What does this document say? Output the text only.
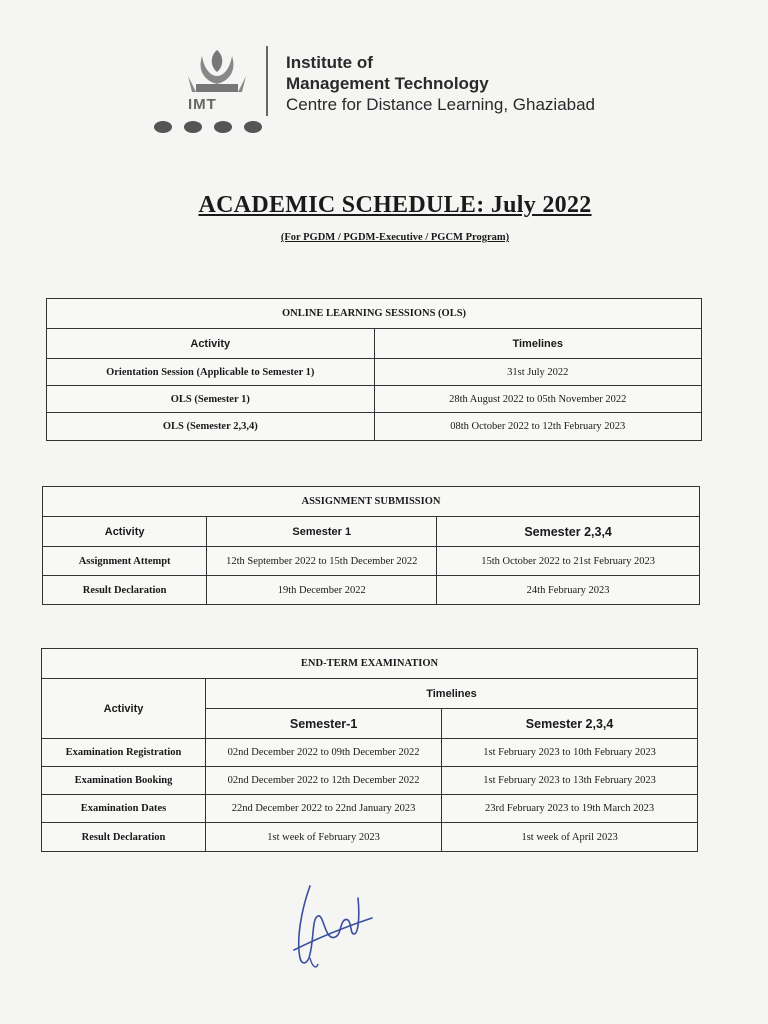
IMT
Institute of
Management Technology
Centre for Distance Learning, Ghaziabad
ACADEMIC SCHEDULE: July 2022
(For PGDM / PGDM-Executive / PGCM Program)
ONLINE LEARNING SESSIONS (OLS)	
Activity	Timelines
Orientation Session (Applicable to Semester 1)	31st July 2022
OLS (Semester 1)	28th August 2022 to 05th November 2022
OLS (Semester 2,3,4)	08th October 2022 to 12th February 2023
ASSIGNMENT SUBMISSION		
Activity	Semester 1	Semester 2,3,4
Assignment Attempt	12th September 2022 to 15th December 2022	15th October 2022 to 21st February 2023
Result Declaration	19th December 2022	24th February 2023
END-TERM EXAMINATION		
Activity	Timelines	
	Semester-1	Semester 2,3,4
Examination Registration	02nd December 2022 to 09th December 2022	1st February 2023 to 10th February 2023
Examination Booking	02nd December 2022 to 12th December 2022	1st February 2023 to 13th February 2023
Examination Dates	22nd December 2022 to 22nd January 2023	23rd February 2023 to 19th March 2023
Result Declaration	1st week of February 2023	1st week of April 2023
